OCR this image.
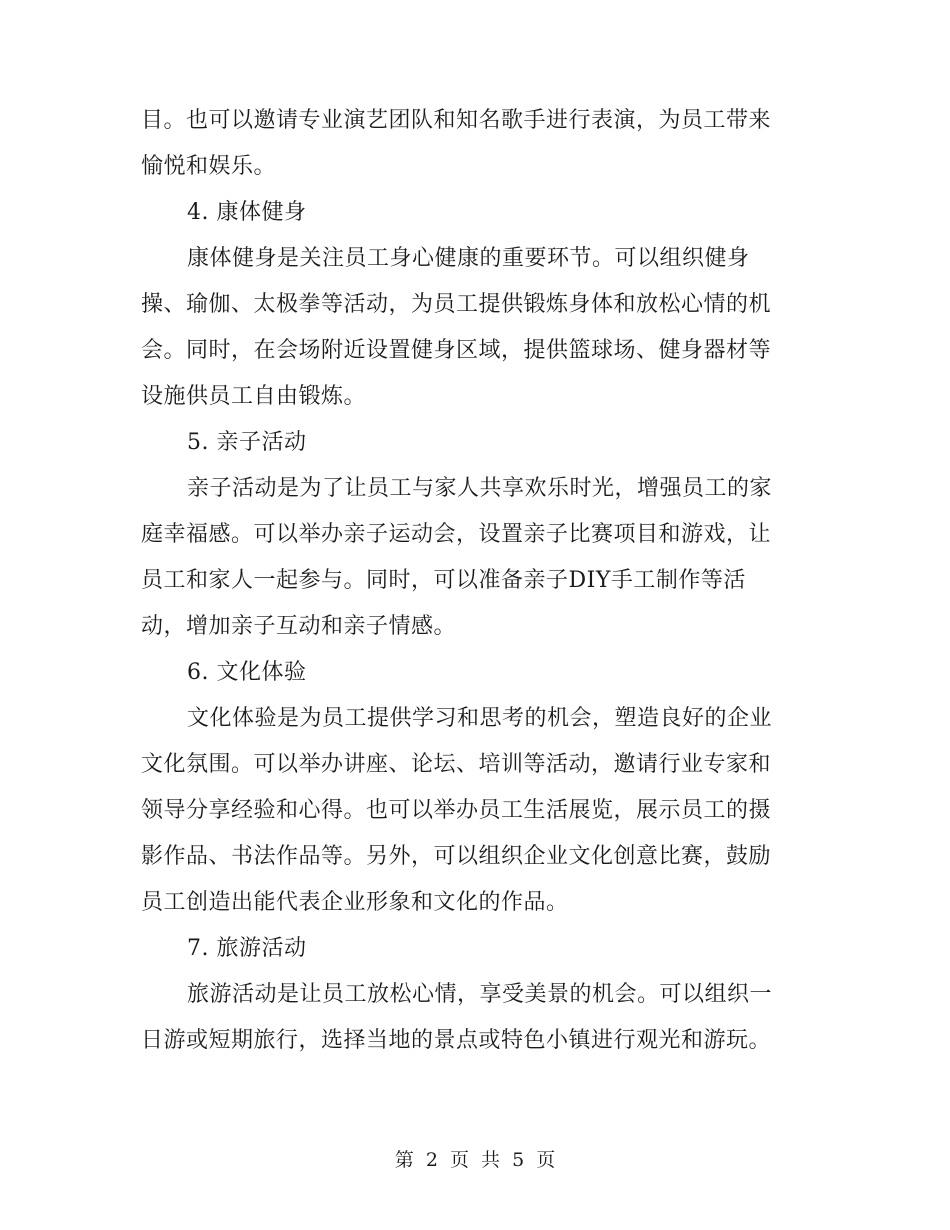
目。也可以邀请专业演艺团队和知名歌手进行表演，为员工带来
愉悦和娱乐。
4. 康体健身
康体健身是关注员工身心健康的重要环节。可以组织健身
操、瑜伽、太极拳等活动，为员工提供锻炼身体和放松心情的机
会。同时，在会场附近设置健身区域，提供篮球场、健身器材等
设施供员工自由锻炼。
5. 亲子活动
亲子活动是为了让员工与家人共享欢乐时光，增强员工的家
庭幸福感。可以举办亲子运动会，设置亲子比赛项目和游戏，让
员工和家人一起参与。同时，可以准备亲子DIY手工制作等活
动，增加亲子互动和亲子情感。
6. 文化体验
文化体验是为员工提供学习和思考的机会，塑造良好的企业
文化氛围。可以举办讲座、论坛、培训等活动，邀请行业专家和
领导分享经验和心得。也可以举办员工生活展览，展示员工的摄
影作品、书法作品等。另外，可以组织企业文化创意比赛，鼓励
员工创造出能代表企业形象和文化的作品。
7. 旅游活动
旅游活动是让员工放松心情，享受美景的机会。可以组织一
日游或短期旅行，选择当地的景点或特色小镇进行观光和游玩。
第 2 页 共 5 页
